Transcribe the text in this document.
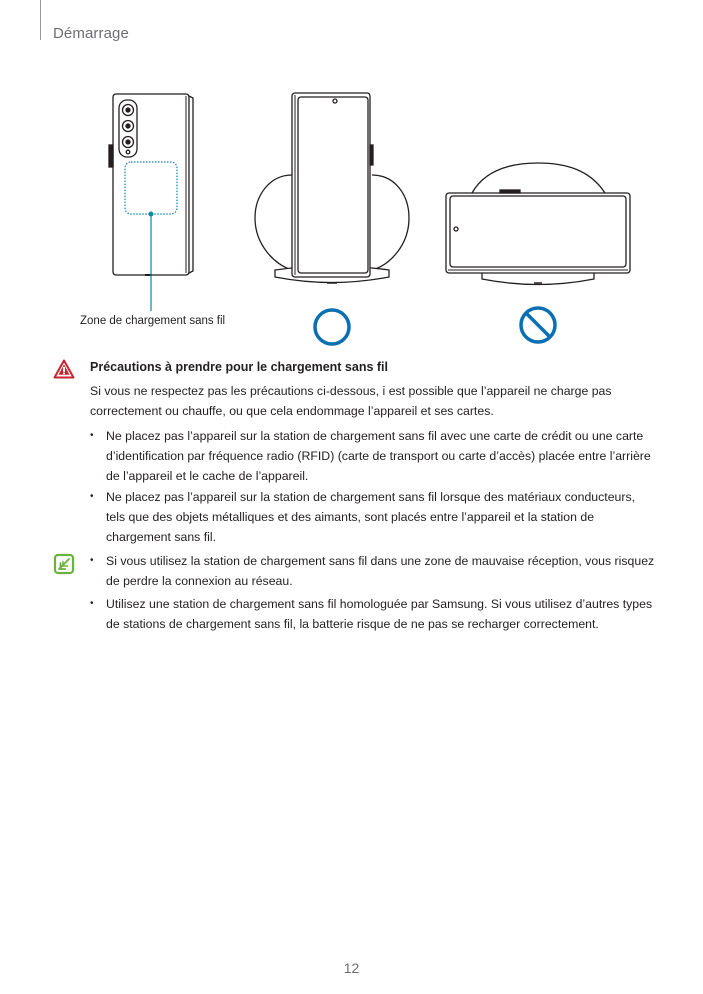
Démarrage
Zone de chargement sans fil
Précautions à prendre pour le chargement sans fil
Si vous ne respectez pas les précautions ci-dessous, i est possible que l’appareil ne charge pas
correctement ou chauffe, ou que cela endommage l’appareil et ses cartes.
•	Ne placez pas l’appareil sur la station de chargement sans fil avec une carte de crédit ou une carte
d’identification par fréquence radio (RFID) (carte de transport ou carte d’accès) placée entre l’arrière
de l’appareil et le cache de l’appareil.
•	Ne placez pas l’appareil sur la station de chargement sans fil lorsque des matériaux conducteurs,
tels que des objets métalliques et des aimants, sont placés entre l’appareil et la station de
chargement sans fil.
•	Si vous utilisez la station de chargement sans fil dans une zone de mauvaise réception, vous risquez
de perdre la connexion au réseau.
•	Utilisez une station de chargement sans fil homologuée par Samsung. Si vous utilisez d’autres types
de stations de chargement sans fil, la batterie risque de ne pas se recharger correctement.
12
